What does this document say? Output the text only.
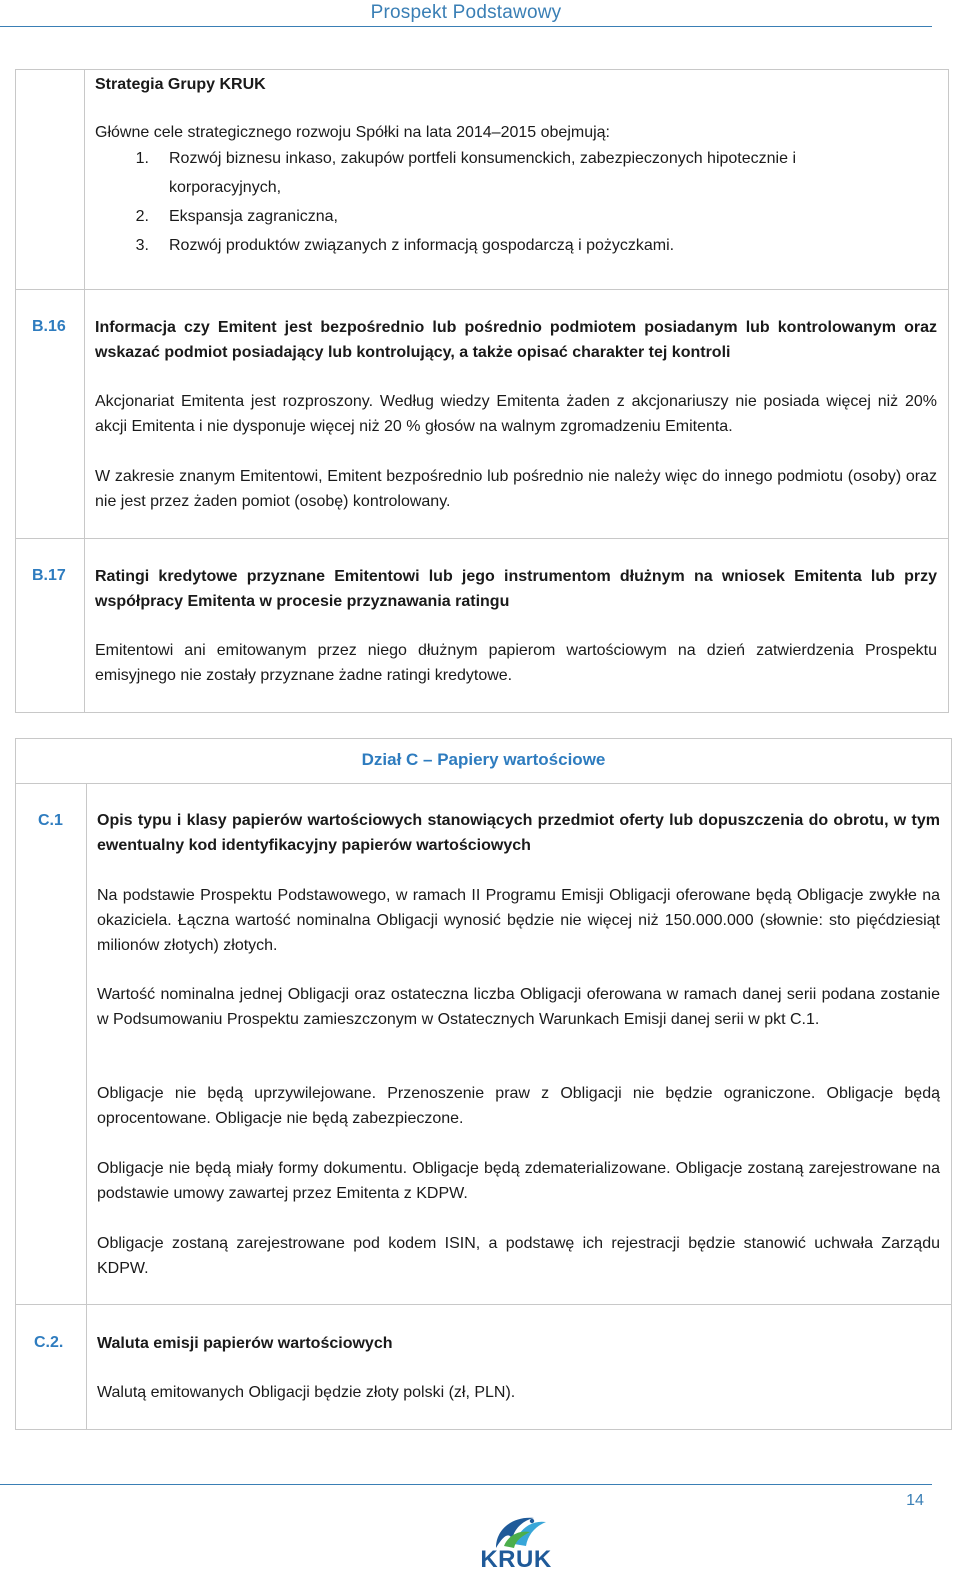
Prospekt Podstawowy
Strategia Grupy KRUK
Główne cele strategicznego rozwoju Spółki na lata 2014–2015 obejmują:
1. Rozwój biznesu inkaso, zakupów portfeli konsumenckich, zabezpieczonych hipotecznie i korporacyjnych,
2. Ekspansja zagraniczna,
3. Rozwój produktów związanych z informacją gospodarczą i pożyczkami.
B.16 Informacja czy Emitent jest bezpośrednio lub pośrednio podmiotem posiadanym lub kontrolowanym oraz wskazać podmiot posiadający lub kontrolujący, a także opisać charakter tej kontroli
Akcjonariat Emitenta jest rozproszony. Według wiedzy Emitenta żaden z akcjonariuszy nie posiada więcej niż 20% akcji Emitenta i nie dysponuje więcej niż 20 % głosów na walnym zgromadzeniu Emitenta.
W zakresie znanym Emitentowi, Emitent bezpośrednio lub pośrednio nie należy więc do innego podmiotu (osoby) oraz nie jest przez żaden pomiot (osobę) kontrolowany.
B.17 Ratingi kredytowe przyznane Emitentowi lub jego instrumentom dłużnym na wniosek Emitenta lub przy współpracy Emitenta w procesie przyznawania ratingu
Emitentowi ani emitowanym przez niego dłużnym papierom wartościowym na dzień zatwierdzenia Prospektu emisyjnego nie zostały przyznane żadne ratingi kredytowe.
Dział C – Papiery wartościowe
C.1 Opis typu i klasy papierów wartościowych stanowiących przedmiot oferty lub dopuszczenia do obrotu, w tym ewentualny kod identyfikacyjny papierów wartościowych
Na podstawie Prospektu Podstawowego, w ramach II Programu Emisji Obligacji oferowane będą Obligacje zwykłe na okaziciela. Łączna wartość nominalna Obligacji wynosić będzie nie więcej niż 150.000.000 (słownie: sto pięćdziesiąt milionów złotych) złotych.
Wartość nominalna jednej Obligacji oraz ostateczna liczba Obligacji oferowana w ramach danej serii podana zostanie w Podsumowaniu Prospektu zamieszczonym w Ostatecznych Warunkach Emisji danej serii w pkt C.1.
Obligacje nie będą uprzywilejowane. Przenoszenie praw z Obligacji nie będzie ograniczone. Obligacje będą oprocentowane. Obligacje nie będą zabezpieczone.
Obligacje nie będą miały formy dokumentu. Obligacje będą zdematerializowane. Obligacje zostaną zarejestrowane na podstawie umowy zawartej przez Emitenta z KDPW.
Obligacje zostaną zarejestrowane pod kodem ISIN, a podstawę ich rejestracji będzie stanowić uchwała Zarządu KDPW.
C.2. Waluta emisji papierów wartościowych
Walutą emitowanych Obligacji będzie złoty polski (zł, PLN).
14
KRUK
